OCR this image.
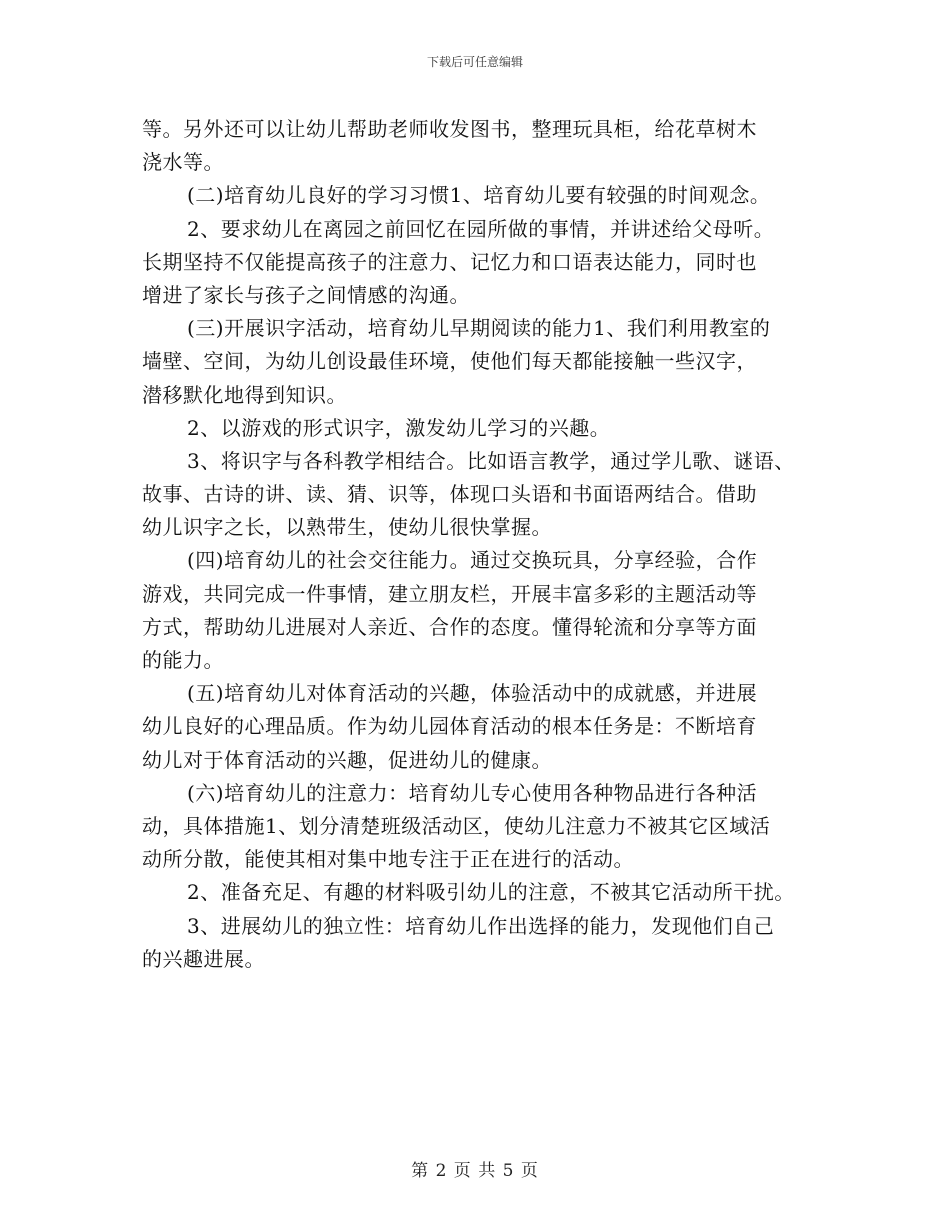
下载后可任意编辑
等。另外还可以让幼儿帮助老师收发图书，整理玩具柜，给花草树木
浇水等。
(二)培育幼儿良好的学习习惯1、培育幼儿要有较强的时间观念。
2、要求幼儿在离园之前回忆在园所做的事情，并讲述给父母听。
长期坚持不仅能提高孩子的注意力、记忆力和口语表达能力，同时也
增进了家长与孩子之间情感的沟通。
(三)开展识字活动，培育幼儿早期阅读的能力1、我们利用教室的
墙壁、空间，为幼儿创设最佳环境，使他们每天都能接触一些汉字，
潜移默化地得到知识。
2、以游戏的形式识字，激发幼儿学习的兴趣。
3、将识字与各科教学相结合。比如语言教学，通过学儿歌、谜语、
故事、古诗的讲、读、猜、识等，体现口头语和书面语两结合。借助
幼儿识字之长，以熟带生，使幼儿很快掌握。
(四)培育幼儿的社会交往能力。通过交换玩具，分享经验，合作
游戏，共同完成一件事情，建立朋友栏，开展丰富多彩的主题活动等
方式，帮助幼儿进展对人亲近、合作的态度。懂得轮流和分享等方面
的能力。
(五)培育幼儿对体育活动的兴趣，体验活动中的成就感，并进展
幼儿良好的心理品质。作为幼儿园体育活动的根本任务是：不断培育
幼儿对于体育活动的兴趣，促进幼儿的健康。
(六)培育幼儿的注意力：培育幼儿专心使用各种物品进行各种活
动，具体措施1、划分清楚班级活动区，使幼儿注意力不被其它区域活
动所分散，能使其相对集中地专注于正在进行的活动。
2、准备充足、有趣的材料吸引幼儿的注意，不被其它活动所干扰。
3、进展幼儿的独立性：培育幼儿作出选择的能力，发现他们自己
的兴趣进展。
第 2 页 共 5 页
